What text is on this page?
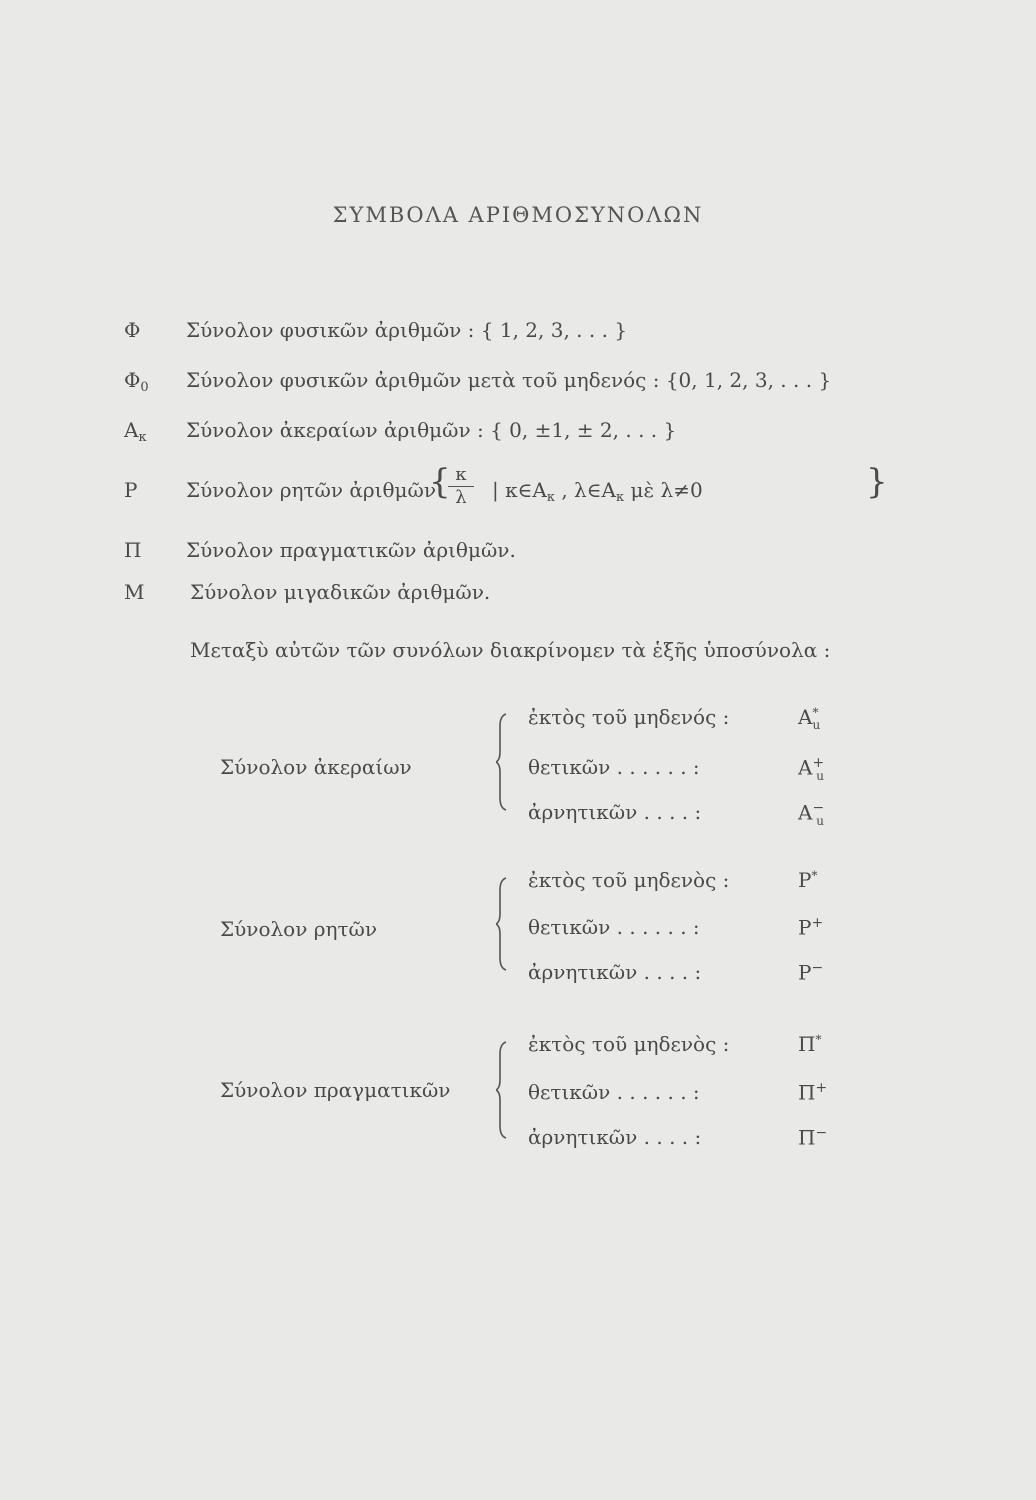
ΣΥΜΒΟΛΑ ΑΡΙΘΜΟΣΥΝΟΛΩΝ
Φ	Σύνολον φυσικῶν ἀριθμῶν : { 1, 2, 3, . . . }
$\Phi_0$	Σύνολον φυσικῶν ἀριθμῶν μετὰ τοῦ μηδενός : {0, 1, 2, 3, . . . }
$A_\kappa$	Σύνολον ἀκεραίων ἀριθμῶν : { 0, ±1, ± 2, . . . }
P	Σύνολον ρητῶν ἀριθμῶν
{
$\frac{\kappa}{\lambda}$ | $\kappa\in A_\kappa$ , $\lambda\in A_\kappa$ μὲ λ≠0	}
Π	Σύνολον πραγματικῶν ἀριθμῶν.
M	Σύνολον μιγαδικῶν ἀριθμῶν.
Μεταξὺ αὐτῶν τῶν συνόλων διακρίνομεν τὰ ἑξῆς ὑποσύνολα :
Σύνολον ἀκεραίων
ἐκτὸς τοῦ μηδενός :	$A^*_u$
θετικῶν . . . . . . :	$A^+_u$
ἀρνητικῶν . . . . :	$A^-_u$
Σύνολον ρητῶν
ἐκτὸς τοῦ μηδενὸς :	P*
θετικῶν . . . . . . :	P+
ἀρνητικῶν . . . . :	P−
Σύνολον πραγματικῶν
ἐκτὸς τοῦ μηδενὸς :	Π*
θετικῶν . . . . . . :	Π+
ἀρνητικῶν . . . . :	Π−
